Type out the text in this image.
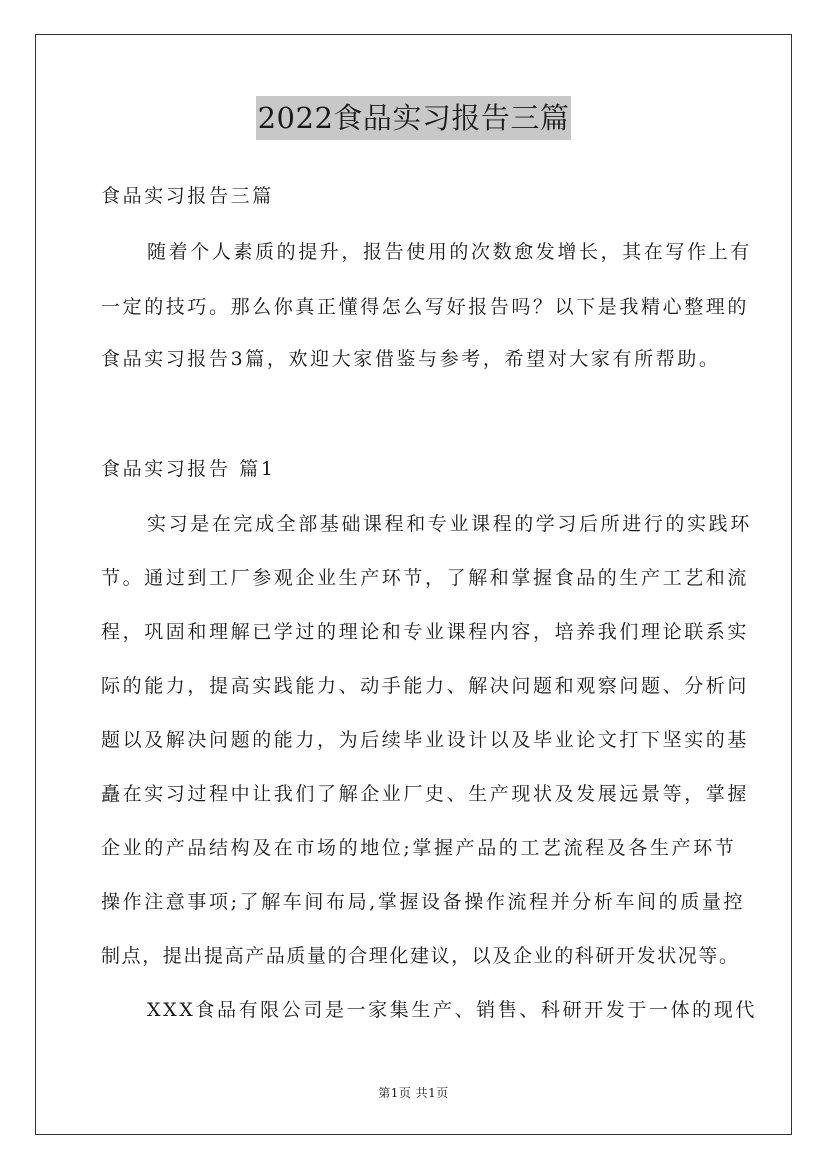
2022食品实习报告三篇
食品实习报告三篇
随着个人素质的提升，报告使用的次数愈发增长，其在写作上有
一定的技巧。那么你真正懂得怎么写好报告吗？以下是我精心整理的
食品实习报告3篇，欢迎大家借鉴与参考，希望对大家有所帮助。
食品实习报告 篇1
实习是在完成全部基础课程和专业课程的学习后所进行的实践环
节。通过到工厂参观企业生产环节，了解和掌握食品的生产工艺和流
程，巩固和理解已学过的理论和专业课程内容，培养我们理论联系实
际的能力，提高实践能力、动手能力、解决问题和观察问题、分析问
题以及解决问题的能力，为后续毕业设计以及毕业论文打下坚实的基
矗在实习过程中让我们了解企业厂史、生产现状及发展远景等，掌握
企业的产品结构及在市场的地位;掌握产品的工艺流程及各生产环节
操作注意事项;了解车间布局,掌握设备操作流程并分析车间的质量控
制点，提出提高产品质量的合理化建议，以及企业的科研开发状况等。
XXX食品有限公司是一家集生产、销售、科研开发于一体的现代
第1页 共1页
